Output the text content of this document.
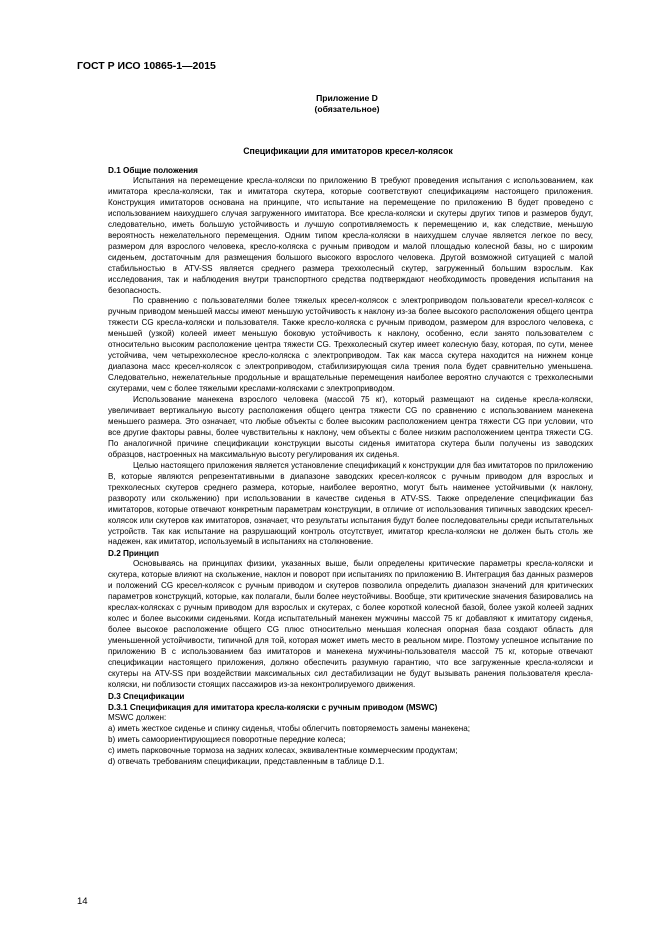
ГОСТ Р ИСО 10865-1—2015
Приложение D
(обязательное)
Спецификации для имитаторов кресел-колясок
D.1 Общие положения

Испытания на перемещение кресла-коляски по приложению B требуют проведения испытания с использованием, как имитатора кресла-коляски, так и имитатора скутера, которые соответствуют спецификациям настоящего приложения. Конструкция имитаторов основана на принципе, что испытание на перемещение по приложению B будет проведено с использованием наихудшего случая загруженного имитатора. Все кресла-коляски и скутеры других типов и размеров будут, следовательно, иметь большую устойчивость и лучшую сопротивляемость к перемещению и, как следствие, меньшую вероятность нежелательного перемещения. Одним типом кресла-коляски в наихудшем случае является легкое по весу, размером для взрослого человека, кресло-коляска с ручным приводом и малой площадью колесной базы, но с широким сиденьем, достаточным для размещения большого высокого взрослого человека. Другой возможной ситуацией с малой стабильностью в ATV-SS является среднего размера трехколесный скутер, загруженный большим взрослым. Как исследования, так и наблюдения внутри транспортного средства подтверждают необходимость проведения испытания на безопасность.

По сравнению с пользователями более тяжелых кресел-колясок с электроприводом пользователи кресел-колясок с ручным приводом меньшей массы имеют меньшую устойчивость к наклону из-за более высокого расположения общего центра тяжести CG кресла-коляски и пользователя. Также кресло-коляска с ручным приводом, размером для взрослого человека, с меньшей (узкой) колеей имеет меньшую боковую устойчивость к наклону, особенно, если занято пользователем с относительно высоким расположение центра тяжести CG. Трехколесный скутер имеет колесную базу, которая, по сути, менее устойчива, чем четырехколесное кресло-коляска с электроприводом. Так как масса скутера находится на нижнем конце диапазона масс кресел-колясок с электроприводом, стабилизирующая сила трения пола будет сравнительно уменьшена. Следовательно, нежелательные продольные и вращательные перемещения наиболее вероятно случаются с трехколесными скутерами, чем с более тяжелыми креслами-колясками с электроприводом.

Использование манекена взрослого человека (массой 75 кг), который размещают на сиденье кресла-коляски, увеличивает вертикальную высоту расположения общего центра тяжести CG по сравнению с использованием манекена меньшего размера. Это означает, что любые объекты с более высоким расположением центра тяжести CG при условии, что все другие факторы равны, более чувствительны к наклону, чем объекты с более низким расположением центра тяжести CG. По аналогичной причине спецификации конструкции высоты сиденья имитатора скутера были получены из заводских образцов, настроенных на максимальную высоту регулирования их сиденья.

Целью настоящего приложения является установление спецификаций к конструкции для баз имитаторов по приложению B, которые являются репрезентативными в диапазоне заводских кресел-колясок с ручным приводом для взрослых и трехколесных скутеров среднего размера, которые, наиболее вероятно, могут быть наименее устойчивыми (к наклону, развороту или скольжению) при использовании в качестве сиденья в ATV-SS. Также определение спецификации баз имитаторов, которые отвечают конкретным параметрам конструкции, в отличие от использования типичных заводских кресел-колясок или скутеров как имитаторов, означает, что результаты испытания будут более последовательны среди испытательных устройств. Так как испытание на разрушающий контроль отсутствует, имитатор кресла-коляски не должен быть столь же надежен, как имитатор, используемый в испытаниях на столкновение.

D.2 Принцип

Основываясь на принципах физики, указанных выше, были определены критические параметры кресла-коляски и скутера, которые влияют на скольжение, наклон и поворот при испытаниях по приложению B. Интеграция баз данных размеров и положений CG кресел-колясок с ручным приводом и скутеров позволила определить диапазон значений для критических параметров конструкций, которые, как полагали, были более неустойчивы. Вообще, эти критические значения базировались на креслах-колясках с ручным приводом для взрослых и скутерах, с более короткой колесной базой, более узкой колеей задних колес и более высокими сиденьями. Когда испытательный манекен мужчины массой 75 кг добавляют к имитатору сиденья, более высокое расположение общего CG плюс относительно меньшая колесная опорная база создают область для уменьшенной устойчивости, типичной для той, которая может иметь место в реальном мире. Поэтому успешное испытание по приложению B с использованием баз имитаторов и манекена мужчины-пользователя массой 75 кг, которые отвечают спецификации настоящего приложения, должно обеспечить разумную гарантию, что все загруженные кресла-коляски и скутеры на ATV-SS при воздействии максимальных сил дестабилизации не будут вызывать ранения пользователя кресла-коляски, ни поблизости стоящих пассажиров из-за неконтролируемого движения.

D.3 Спецификации
D.3.1 Спецификация для имитатора кресла-коляски с ручным приводом (MSWC)

MSWC должен:

a) иметь жесткое сиденье и спинку сиденья, чтобы облегчить повторяемость замены манекена;

b) иметь самоориентирующиеся поворотные передние колеса;

c) иметь парковочные тормоза на задних колесах, эквивалентные коммерческим продуктам;

d) отвечать требованиям спецификации, представленным в таблице D.1.

14
